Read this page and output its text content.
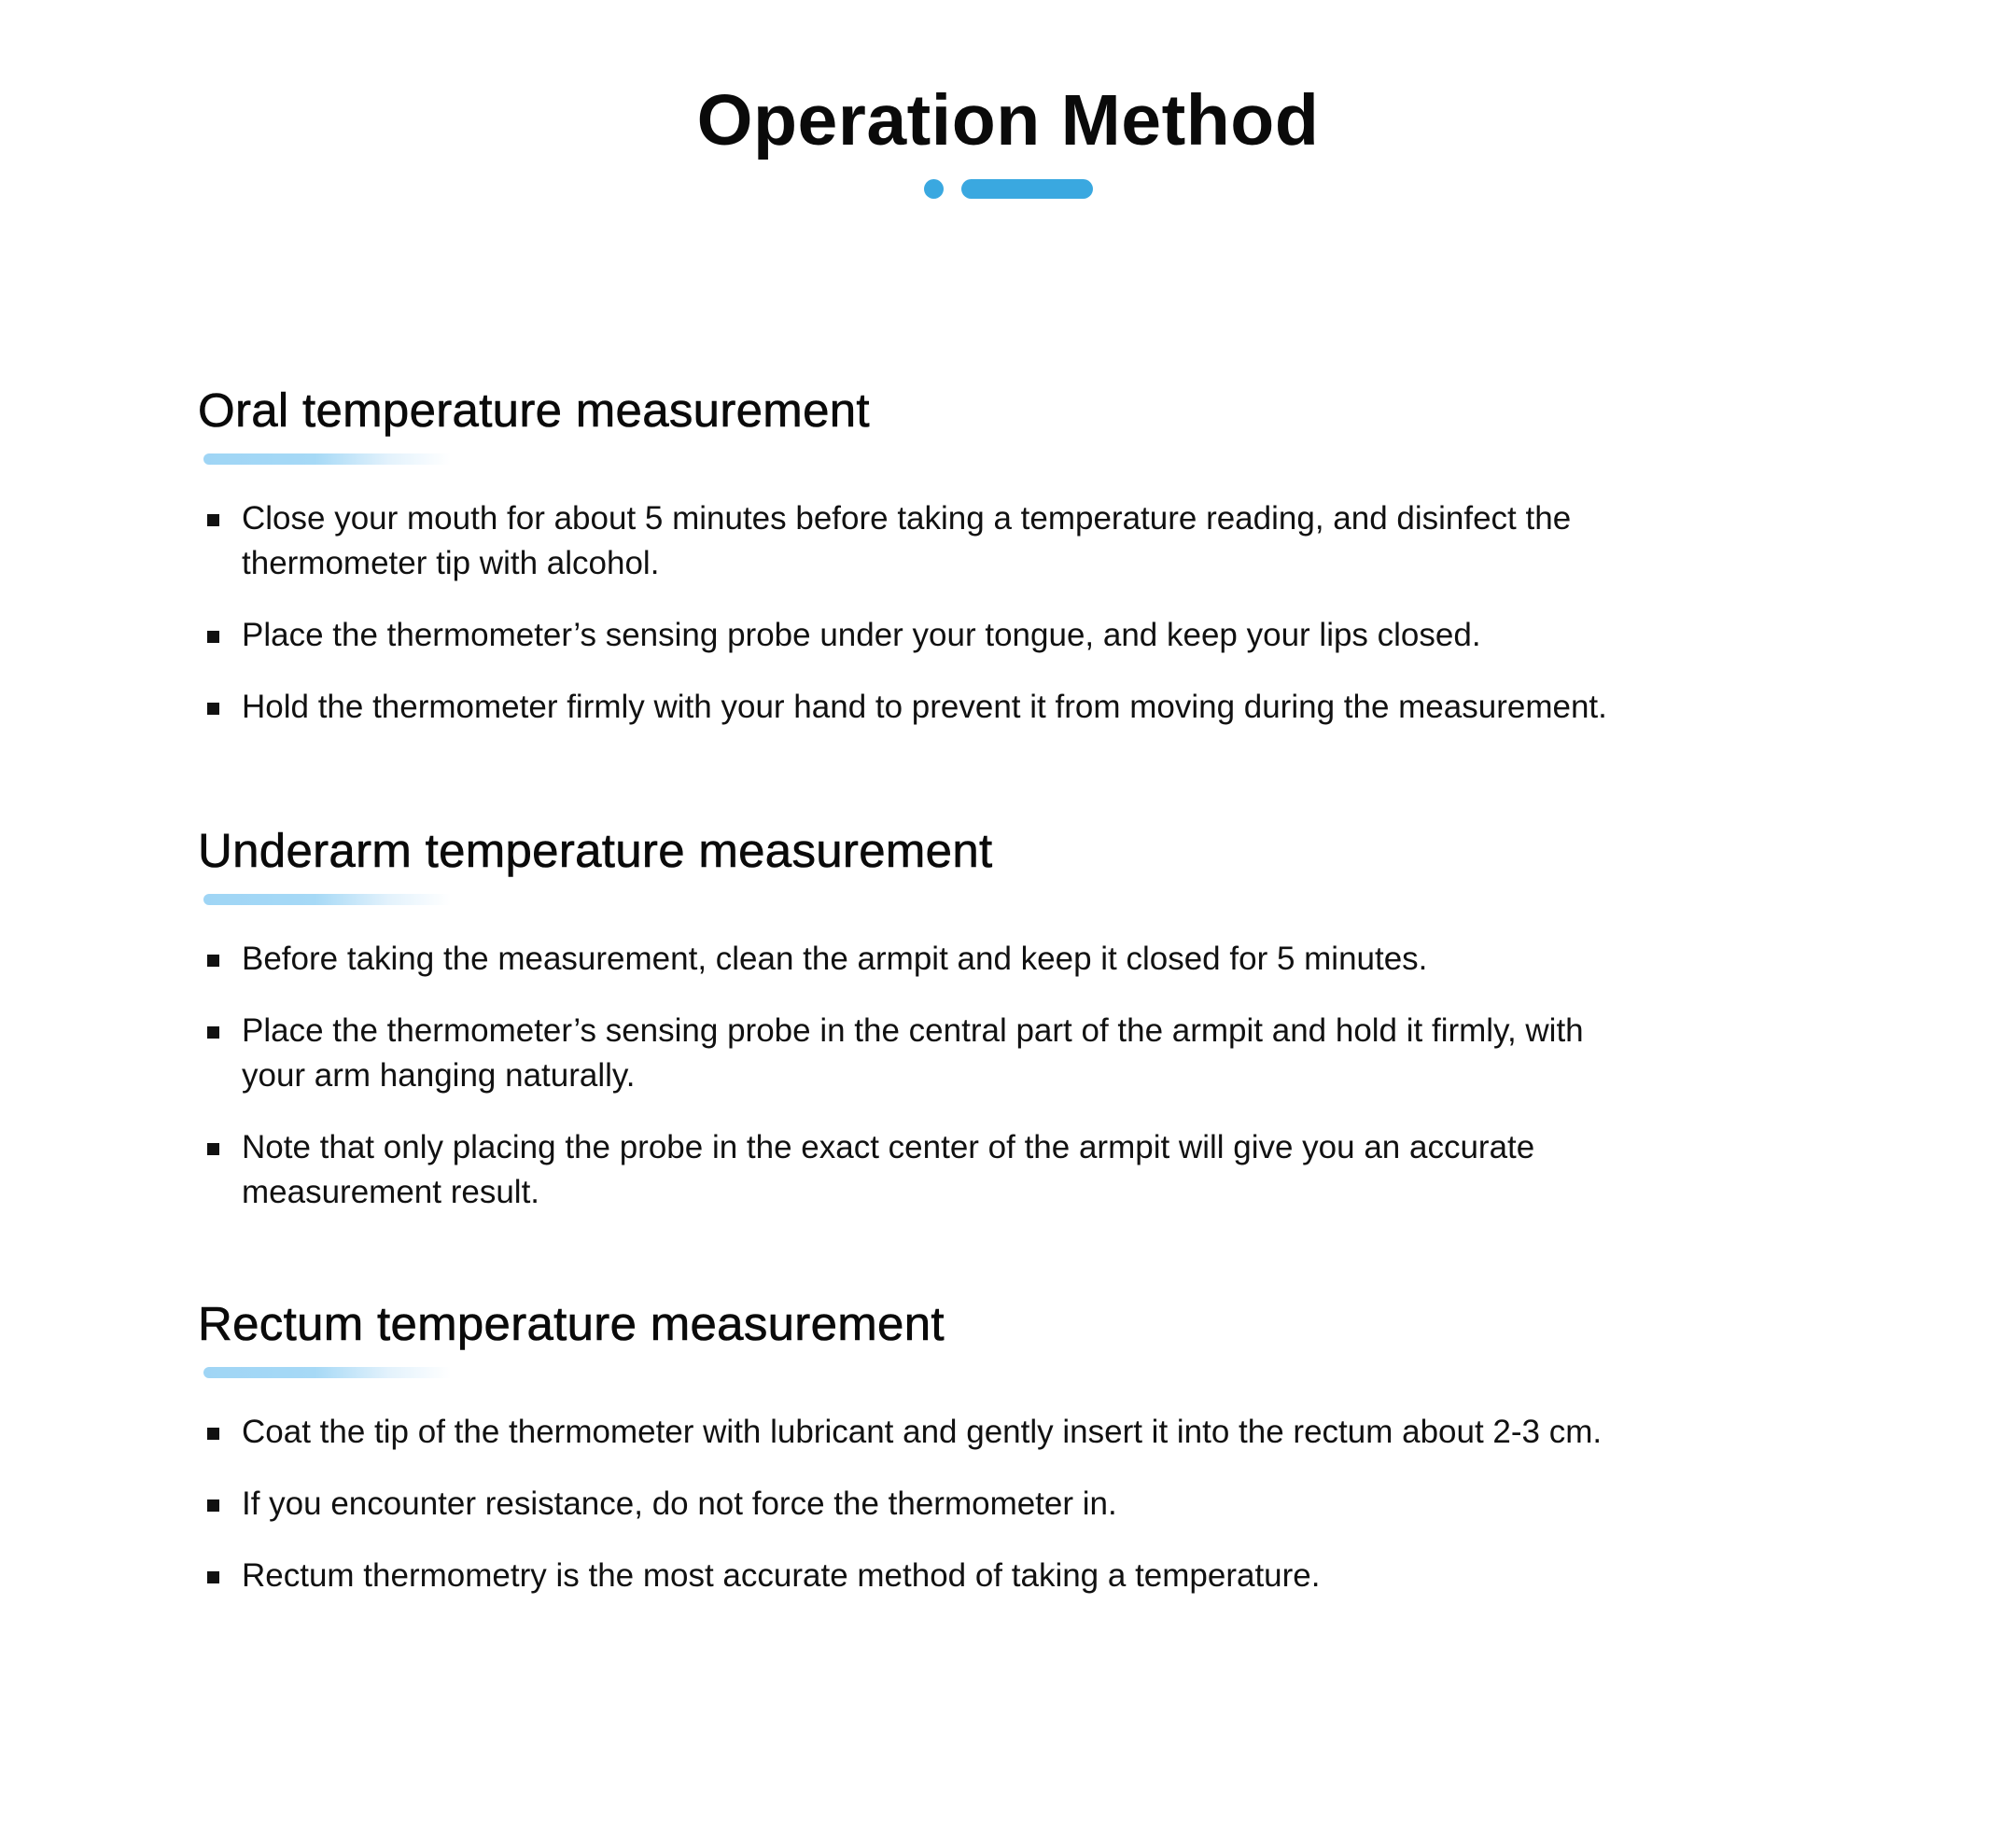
Operation Method
Oral temperature measurement
Close your mouth for about 5 minutes before taking a temperature reading, and disinfect the
thermometer tip with alcohol.
Place the thermometer’s sensing probe under your tongue, and keep your lips closed.
Hold the thermometer firmly with your hand to prevent it from moving during the measurement.
Underarm temperature measurement
Before taking the measurement, clean the armpit and keep it closed for 5 minutes.
Place the thermometer’s sensing probe in the central part of the armpit and hold it firmly, with
your arm hanging naturally.
Note that only placing the probe in the exact center of the armpit will give you an accurate
measurement result.
Rectum temperature measurement
Coat the tip of the thermometer with lubricant and gently insert it into the rectum about 2-3 cm.
If you encounter resistance, do not force the thermometer in.
Rectum thermometry is the most accurate method of taking a temperature.
